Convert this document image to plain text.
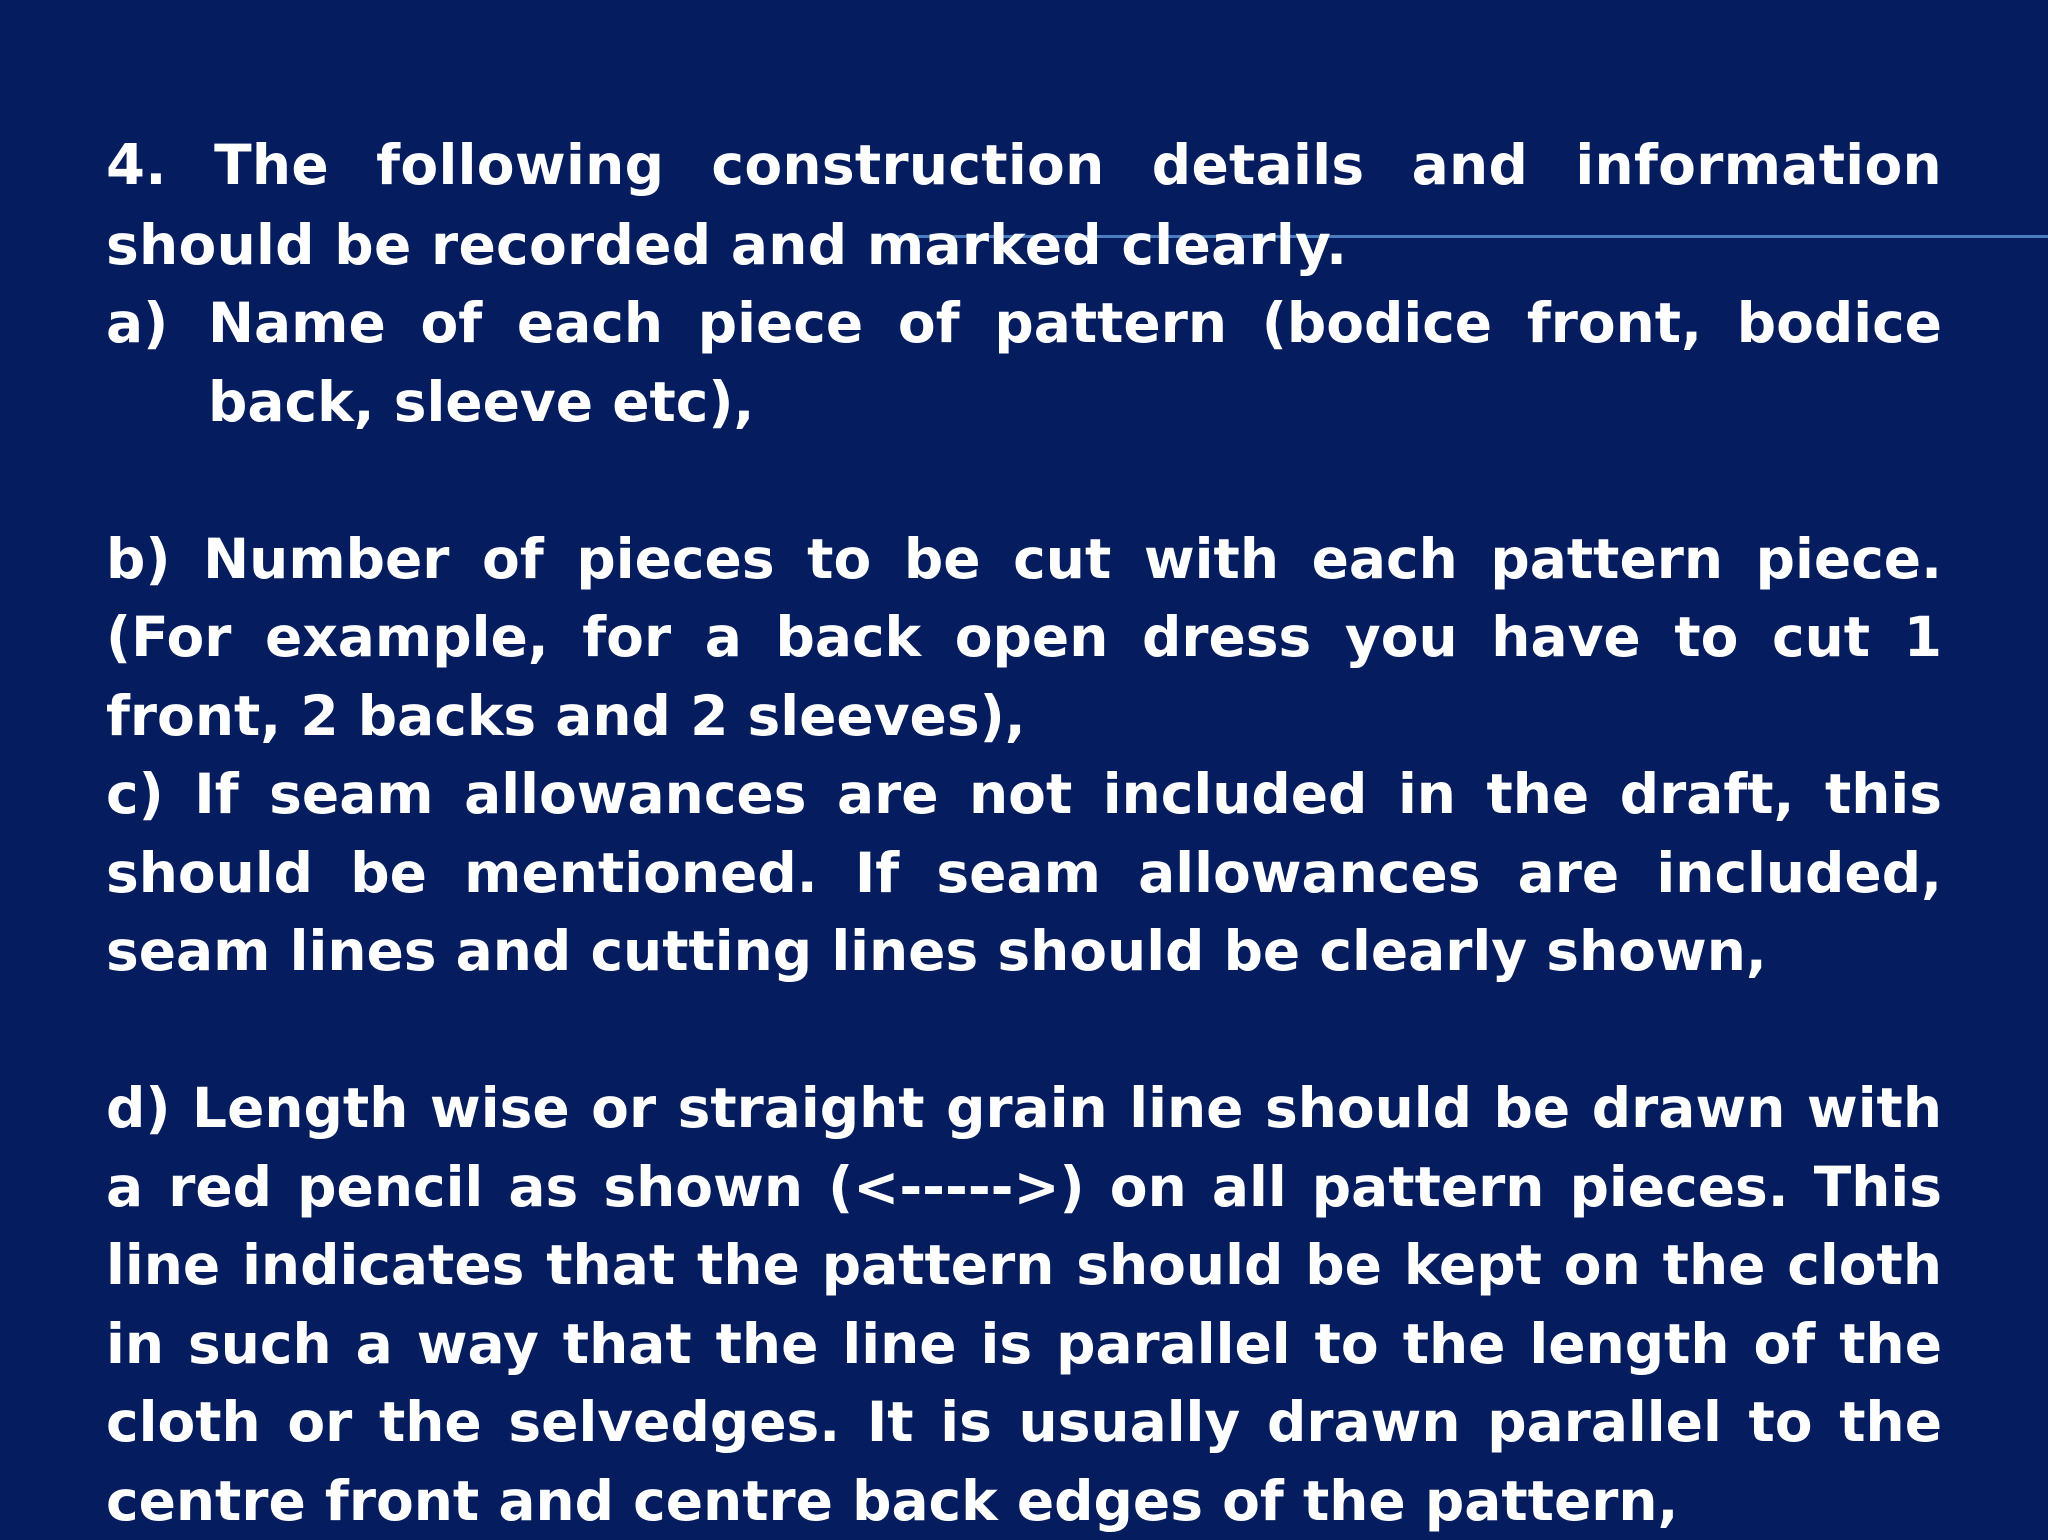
4. The following construction details and information should be recorded and marked clearly.

a) Name of each piece of pattern (bodice front, bodice back, sleeve etc),

b) Number of pieces to be cut with each pattern piece. (For example, for a back open dress you have to cut 1 front, 2 backs and 2 sleeves),

c) If seam allowances are not included in the draft, this should be mentioned. If seam allowances are included, seam lines and cutting lines should be clearly shown,

d) Length wise or straight grain line should be drawn with a red pencil as shown (<----->) on all pattern pieces. This line indicates that the pattern should be kept on the cloth in such a way that the line is parallel to the length of the cloth or the selvedges. It is usually drawn parallel to the centre front and centre back edges of the pattern,
